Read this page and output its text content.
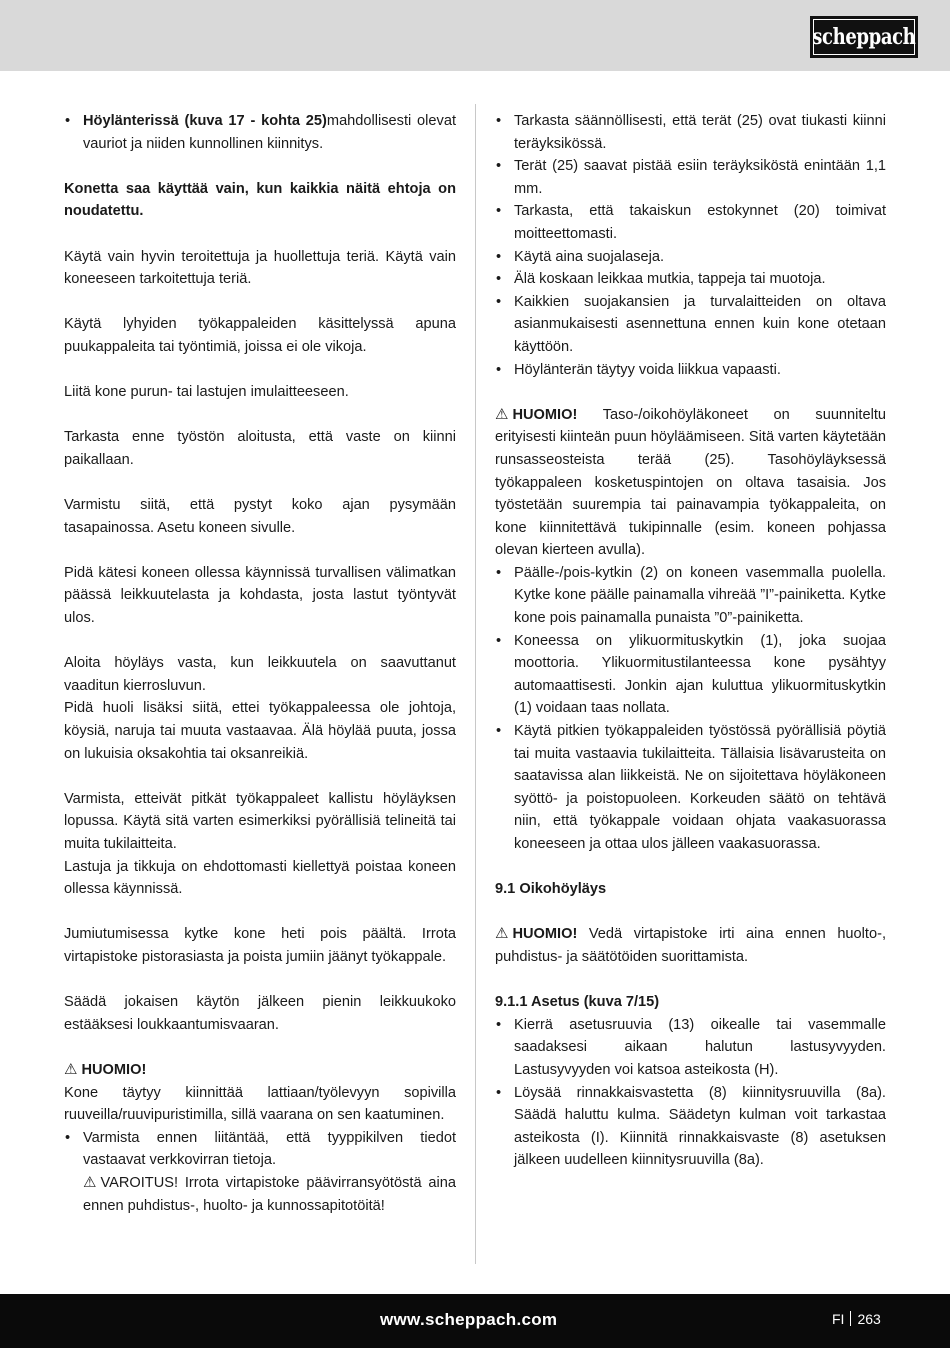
scheppach
• Höylänterissä (kuva 17 - kohta 25)mahdollisesti olevat vauriot ja niiden kunnollinen kiinnitys.
Konetta saa käyttää vain, kun kaikkia näitä ehtoja on noudatettu.
Käytä vain hyvin teroitettuja ja huollettuja teriä. Käytä vain koneeseen tarkoitettuja teriä.
Käytä lyhyiden työkappaleiden käsittelyssä apuna puukappaleita tai työntimiä, joissa ei ole vikoja.
Liitä kone purun- tai lastujen imulaitteeseen.
Tarkasta enne työstön aloitusta, että vaste on kiinni paikallaan.
Varmistu siitä, että pystyt koko ajan pysymään tasapainossa. Asetu koneen sivulle.
Pidä kätesi koneen ollessa käynnissä turvallisen välimatkan päässä leikkuutelasta ja kohdasta, josta lastut työntyvät ulos.
Aloita höyläys vasta, kun leikkuutela on saavuttanut vaaditun kierrosluvun.
Pidä huoli lisäksi siitä, ettei työkappaleessa ole johtoja, köysiä, naruja tai muuta vastaavaa. Älä höylää puuta, jossa on lukuisia oksakohtia tai oksanreikiä.
Varmista, etteivät pitkät työkappaleet kallistu höyläyksen lopussa. Käytä sitä varten esimerkiksi pyörällisiä telineitä tai muita tukilaitteita.
Lastuja ja tikkuja on ehdottomasti kiellettyä poistaa koneen ollessa käynnissä.
Jumiutumisessa kytke kone heti pois päältä. Irrota virtapistoke pistorasiasta ja poista jumiin jäänyt työkappale.
Säädä jokaisen käytön jälkeen pienin leikkuukoko estääksesi loukkaantumisvaaran.
⚠ HUOMIO!
Kone täytyy kiinnittää lattiaan/työlevyyn sopivilla ruuveilla/ruuvipuristimilla, sillä vaarana on sen kaatuminen.
• Varmista ennen liitäntää, että tyyppikilven tiedot vastaavat verkkovirran tietoja.
⚠ VAROITUS! Irrota virtapistoke päävirransyötöstä aina ennen puhdistus-, huolto- ja kunnossapitotöitä!
• Tarkasta säännöllisesti, että terät (25) ovat tiukasti kiinni teräyksikössä.
• Terät (25) saavat pistää esiin teräyksiköstä enintään 1,1 mm.
• Tarkasta, että takaiskun estokynnet (20) toimivat moitteettomasti.
• Käytä aina suojalaseja.
• Älä koskaan leikkaa mutkia, tappeja tai muotoja.
• Kaikkien suojakansien ja turvalaitteiden on oltava asianmukaisesti asennettuna ennen kuin kone otetaan käyttöön.
• Höylänterän täytyy voida liikkua vapaasti.
⚠ HUOMIO! Taso-/oikohöyläkoneet on suunniteltu erityisesti kiinteän puun höyläämiseen. Sitä varten käytetään runsasseosteista terää (25). Tasohöyläyksessä työkappaleen kosketuspintojen on oltava tasaisia. Jos työstetään suurempia tai painavampia työkappaleita, on kone kiinnitettävä tukipinnalle (esim. koneen pohjassa olevan kierteen avulla).
• Päälle-/pois-kytkin (2) on koneen vasemmalla puolella. Kytke kone päälle painamalla vihreää ”I”-painiketta. Kytke kone pois painamalla punaista ”0”-painiketta.
• Koneessa on ylikuormituskytkin (1), joka suojaa moottoria. Ylikuormitustilanteessa kone pysähtyy automaattisesti. Jonkin ajan kuluttua ylikuormituskytkin (1) voidaan taas nollata.
• Käytä pitkien työkappaleiden työstössä pyörällisiä pöytiä tai muita vastaavia tukilaitteita. Tällaisia lisävarusteita on saatavissa alan liikkeistä. Ne on sijoitettava höyläkoneen syöttö- ja poistopuoleen. Korkeuden säätö on tehtävä niin, että työkappale voidaan ohjata vaakasuorassa koneeseen ja ottaa ulos jälleen vaakasuorassa.
9.1 Oikohöyläys
⚠ HUOMIO! Vedä virtapistoke irti aina ennen huolto-, puhdistus- ja säätötöiden suorittamista.
9.1.1 Asetus (kuva 7/15)
• Kierrä asetusruuvia (13) oikealle tai vasemmalle saadaksesi aikaan halutun lastusyvyyden. Lastusyvyyden voi katsoa asteikosta (H).
• Löysää rinnakkaisvastetta (8) kiinnitysruuvilla (8a). Säädä haluttu kulma. Säädetyn kulman voit tarkastaa asteikosta (I). Kiinnitä rinnakkaisvaste (8) asetuksen jälkeen uudelleen kiinnitysruuvilla (8a).
www.scheppach.com	FI 263
